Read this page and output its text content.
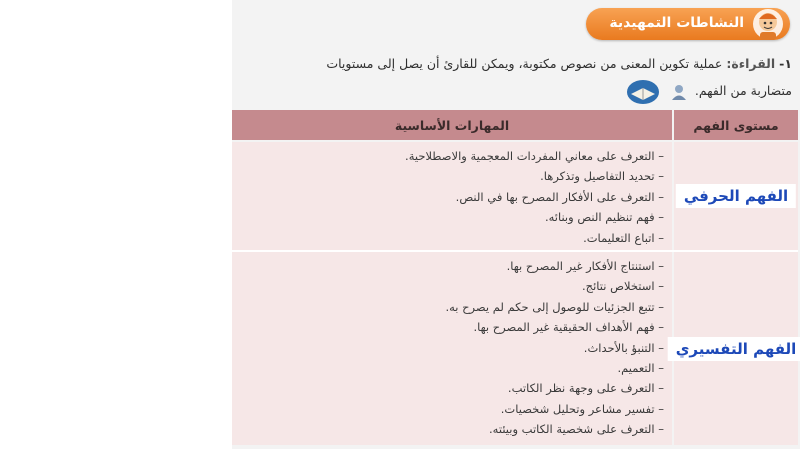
النشاطات التمهيدية
١- القراءة: عملية تكوين المعنى من نصوص مكتوبة، ويمكن للقارئ أن يصل إلى مستويات
متضاربة من الفهم.
المهارات الأساسية	مستوى الفهم
– التعرف على معاني المفردات المعجمية والاصطلاحية.
– تحديد التفاصيل وتذكرها.
– التعرف على الأفكار المصرح بها في النص.
– فهم تنظيم النص وبنائه.
– اتباع التعليمات.
الفهم الحرفي
– استنتاج الأفكار غير المصرح بها.
– استخلاص نتائج.
– تتبع الجزئيات للوصول إلى حكم لم يصرح به.
– فهم الأهداف الحقيقية غير المصرح بها.
– التنبؤ بالأحداث.
– التعميم.
– التعرف على وجهة نظر الكاتب.
– تفسير مشاعر وتحليل شخصيات.
– التعرف على شخصية الكاتب وبيئته.
الفهم التفسيري
